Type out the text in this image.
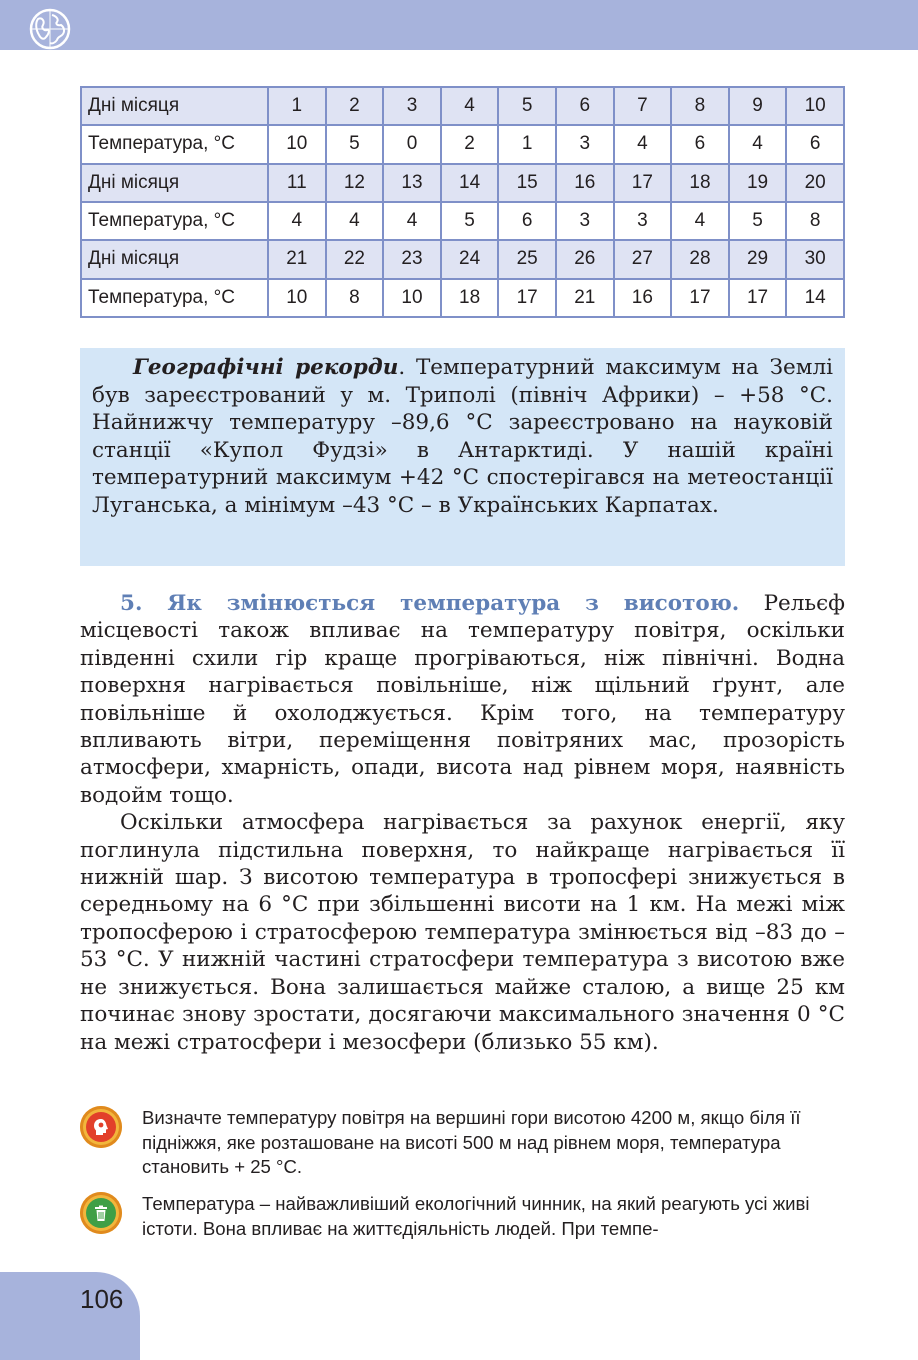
Дні місяця	1	2	3	4	5	6	7	8	9	10
Температура, °C	10	5	0	2	1	3	4	6	4	6
Дні місяця	11	12	13	14	15	16	17	18	19	20
Температура, °C	4	4	4	5	6	3	3	4	5	8
Дні місяця	21	22	23	24	25	26	27	28	29	30
Температура, °C	10	8	10	18	17	21	16	17	17	14

Географічні рекорди. Температурний максимум на Землі був зареєстрований у м. Триполі (північ Африки) – +58 °С. Найнижчу температуру –89,6 °С зареєстровано на науковій станції «Купол Фудзі» в Антарктиді. У нашій країні температурний максимум +42 °С спостерігався на метеостанції Луганська, а мінімум –43 °С – в Українських Карпатах.

5. Як змінюється температура з висотою. Рельєф місцевості також впливає на температуру повітря, оскільки південні схили гір краще прогріваються, ніж північні. Водна поверхня нагрівається повільніше, ніж щільний ґрунт, але повільніше й охолоджується. Крім того, на температуру впливають вітри, переміщення повітряних мас, прозорість атмосфери, хмарність, опади, висота над рівнем моря, наявність водойм тощо.

Оскільки атмосфера нагрівається за рахунок енергії, яку поглинула підстильна поверхня, то найкраще нагрівається її нижній шар. З висотою температура в тропосфері знижується в середньому на 6 °С при збільшенні висоти на 1 км. На межі між тропосферою і стратосферою температура змінюється від –83 до –53 °С. У нижній частині стратосфери температура з висотою вже не знижується. Вона залишається майже сталою, а вище 25 км починає знову зростати, досягаючи максимального значення 0 °С на межі стратосфери і мезосфери (близько 55 км).

Визначте температуру повітря на вершині гори висотою 4200 м, якщо біля її підніжжя, яке розташоване на висоті 500 м над рівнем моря, температура становить + 25 °С.
Температура – найважливіший екологічний чинник, на який реагують усі живі істоти. Вона впливає на життєдіяльність людей. При темпе-
106
